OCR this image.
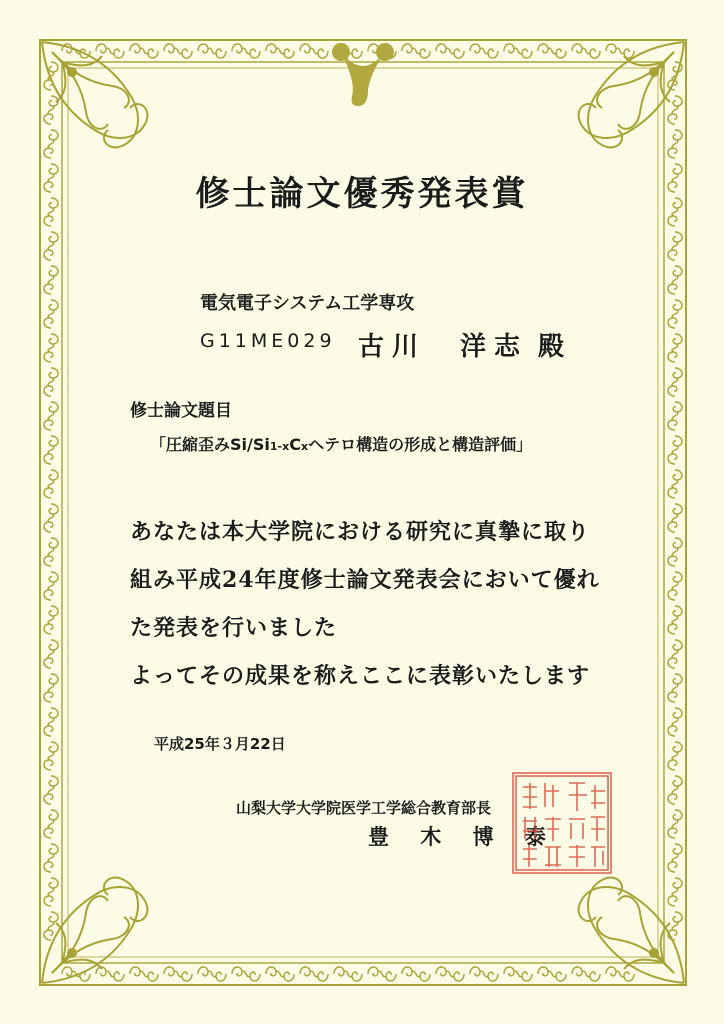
修士論文優秀発表賞
電気電子システム工学専攻
G11ME029 古川　洋志 殿
修士論文題目
「圧縮歪みSi/Si1-xCxヘテロ構造の形成と構造評価」
あなたは本大学院における研究に真摯に取り
組み平成24年度修士論文発表会において優れ
た発表を行いました
よってその成果を称えここに表彰いたします
平成25年３月22日
山梨大学大学院医学工学総合教育部長
豊 木 博 泰
